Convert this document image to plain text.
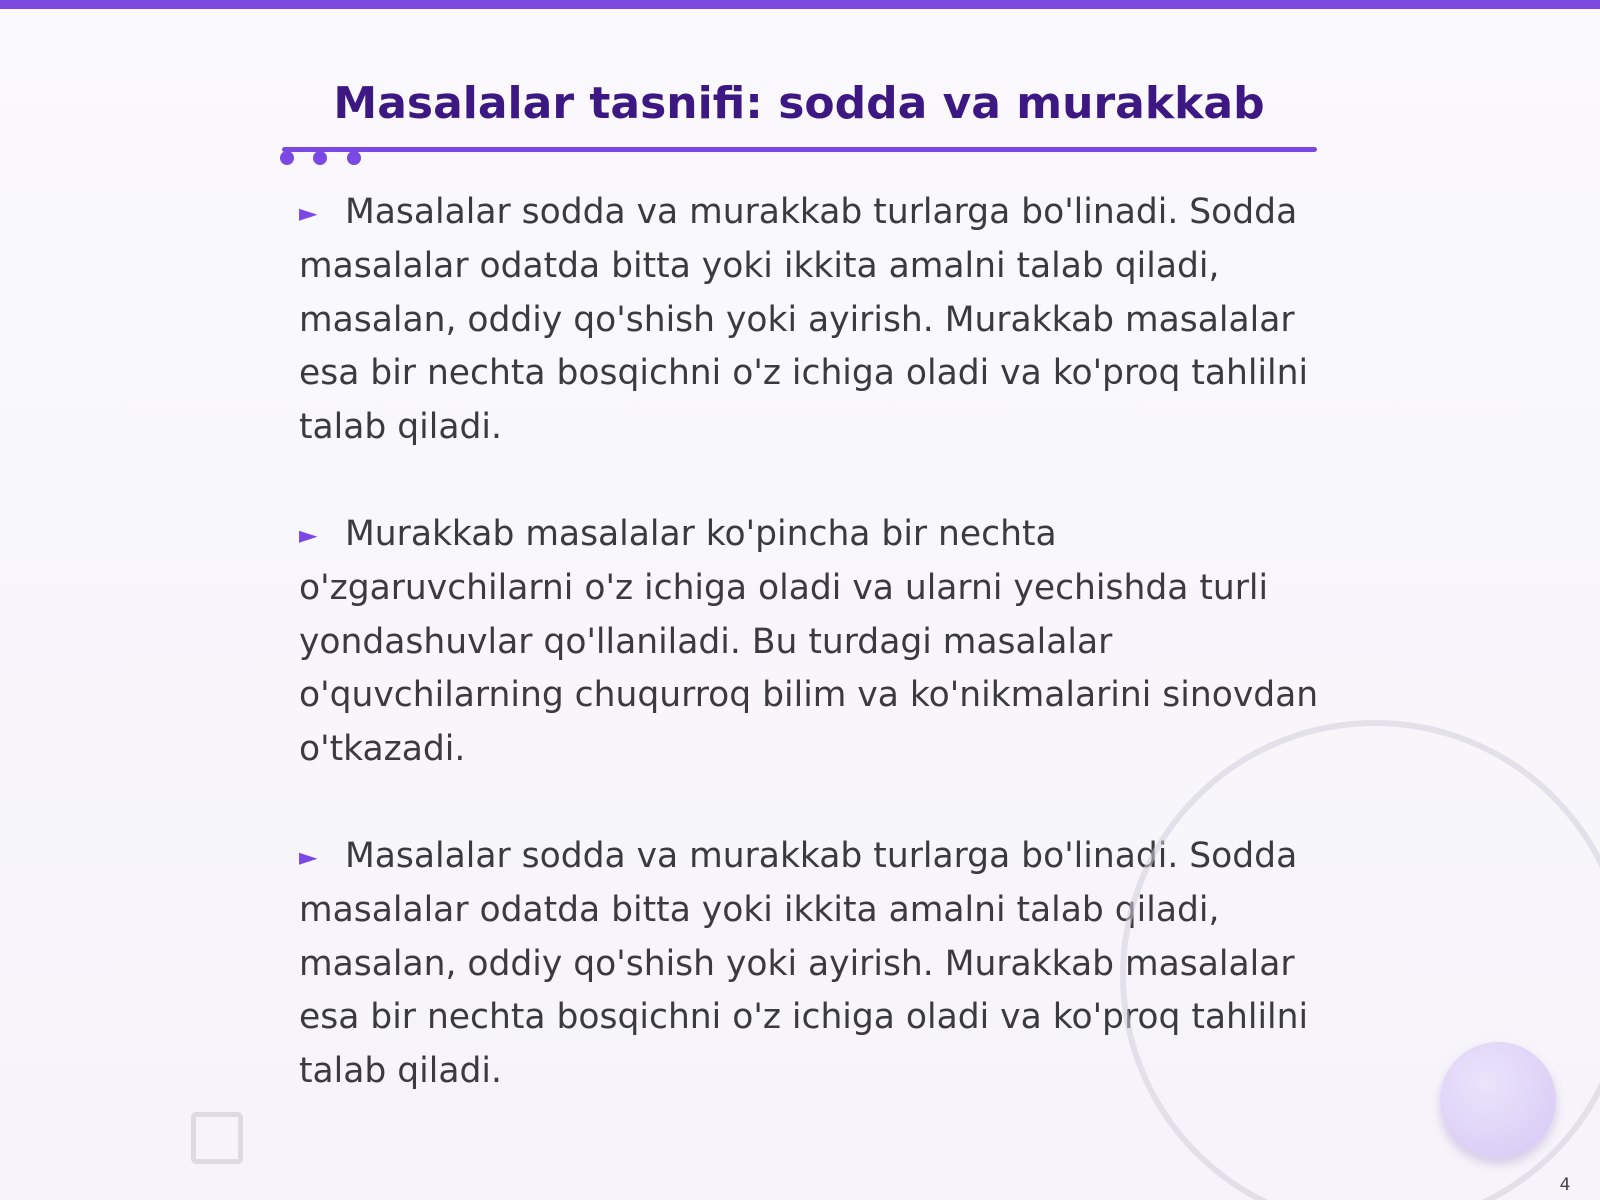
Masalalar tasnifi: sodda va murakkab

► Masalalar sodda va murakkab turlarga bo'linadi. Sodda masalalar odatda bitta yoki ikkita amalni talab qiladi, masalan, oddiy qo'shish yoki ayirish. Murakkab masalalar esa bir nechta bosqichni o'z ichiga oladi va ko'proq tahlilni talab qiladi.

► Murakkab masalalar ko'pincha bir nechta o'zgaruvchilarni o'z ichiga oladi va ularni yechishda turli yondashuvlar qo'llaniladi. Bu turdagi masalalar o'quvchilarning chuqurroq bilim va ko'nikmalarini sinovdan o'tkazadi.

► Masalalar sodda va murakkab turlarga bo'linadi. Sodda masalalar odatda bitta yoki ikkita amalni talab qiladi, masalan, oddiy qo'shish yoki ayirish. Murakkab masalalar esa bir nechta bosqichni o'z ichiga oladi va ko'proq tahlilni talab qiladi.

4
